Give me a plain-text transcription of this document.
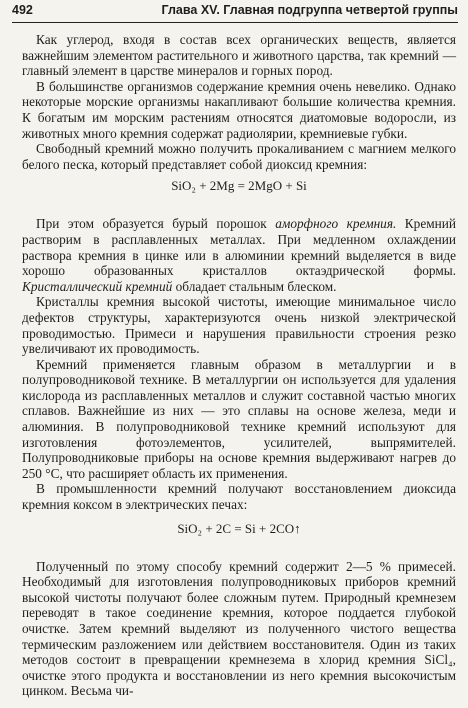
492	Глава XV. Главная подгруппа четвертой группы

Как углерод, входя в состав всех органических веществ, является важнейшим элементом растительного и животного царства, так кремний — главный элемент в царстве минералов и горных пород.

В большинстве организмов содержание кремния очень невелико. Однако некоторые морские организмы накапливают большие количества кремния. К богатым им морским растениям относятся диатомовые водоросли, из животных много кремния содержат радиолярии, кремниевые губки.

Свободный кремний можно получить прокаливанием с магнием мелкого белого песка, который представляет собой диоксид кремния:

SiO₂ + 2Mg = 2MgO + Si

При этом образуется бурый порошок аморфного кремния. Кремний растворим в расплавленных металлах. При медленном охлаждении раствора кремния в цинке или в алюминии кремний выделяется в виде хорошо образованных кристаллов октаэдрической формы. Кристаллический кремний обладает стальным блеском.

Кристаллы кремния высокой чистоты, имеющие минимальное число дефектов структуры, характеризуются очень низкой электрической проводимостью. Примеси и нарушения правильности строения резко увеличивают их проводимость.

Кремний применяется главным образом в металлургии и в полупроводниковой технике. В металлургии он используется для удаления кислорода из расплавленных металлов и служит составной частью многих сплавов. Важнейшие из них — это сплавы на основе железа, меди и алюминия. В полупроводниковой технике кремний используют для изготовления фотоэлементов, усилителей, выпрямителей. Полупроводниковые приборы на основе кремния выдерживают нагрев до 250 °C, что расширяет область их применения.

В промышленности кремний получают восстановлением диоксида кремния коксом в электрических печах:

SiO₂ + 2C = Si + 2CO↑

Полученный по этому способу кремний содержит 2—5 % примесей. Необходимый для изготовления полупроводниковых приборов кремний высокой чистоты получают более сложным путем. Природный кремнезем переводят в такое соединение кремния, которое поддается глубокой очистке. Затем кремний выделяют из полученного чистого вещества термическим разложением или действием восстановителя. Один из таких методов состоит в превращении кремнезема в хлорид кремния SiCl₄, очистке этого продукта и восстановлении из него кремния высокочистым цинком. Весьма чи-
